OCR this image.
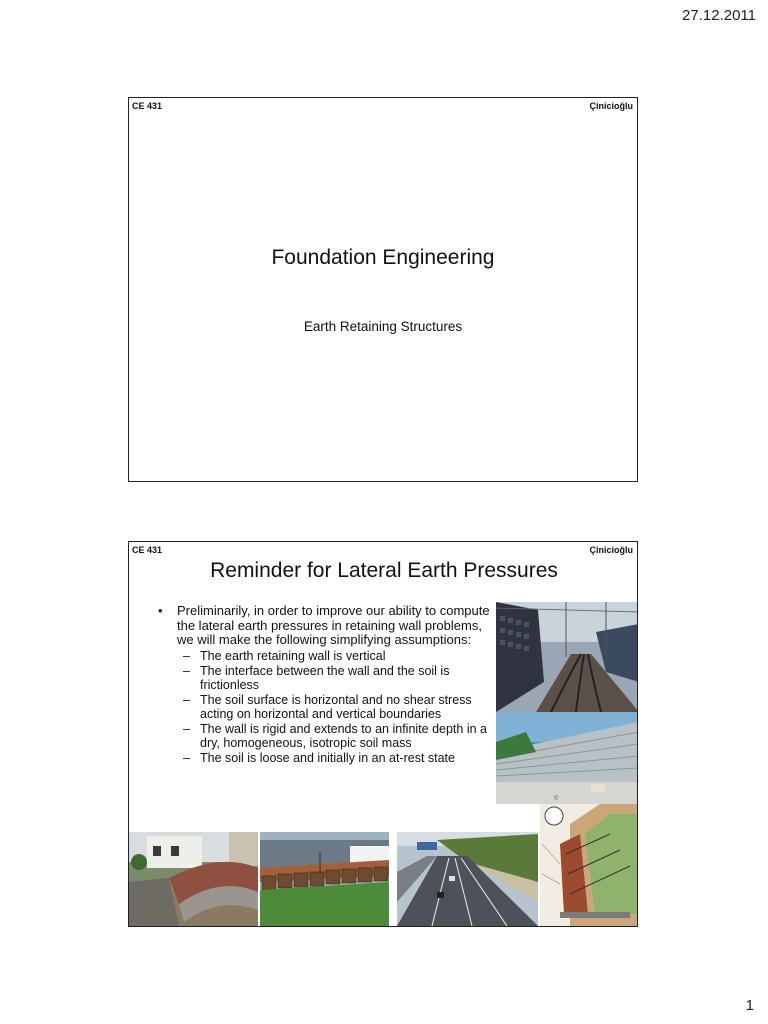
27.12.2011
CE 431	Çinicioğlu
Foundation Engineering
Earth Retaining Structures
CE 431	Çinicioğlu
Reminder for Lateral Earth Pressures
• Preliminarily, in order to improve our ability to compute the lateral earth pressures in retaining wall problems, we will make the following simplifying assumptions:
– The earth retaining wall is vertical
– The interface between the wall and the soil is frictionless
– The soil surface is horizontal and no shear stress acting on horizontal and vertical boundaries
– The wall is rigid and extends to an infinite depth in a dry, homogeneous, isotropic soil mass
– The soil is loose and initially in an at-rest state
©
1
